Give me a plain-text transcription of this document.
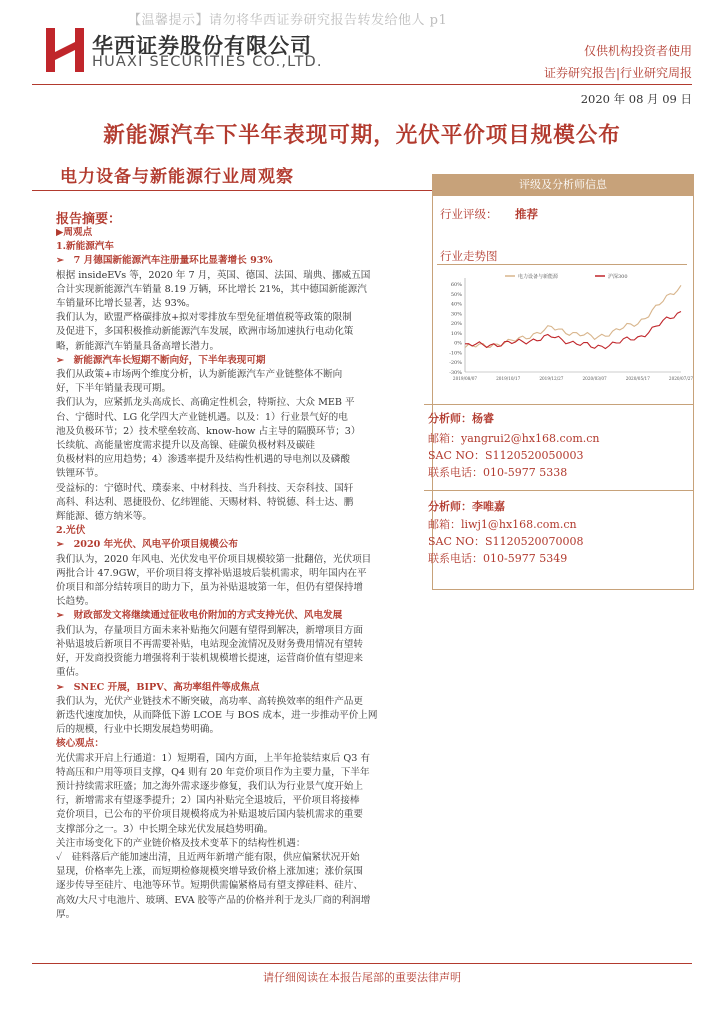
【温馨提示】请勿将华西证券研究报告转发给他人 p1
华西证券股份有限公司
HUAXI SECURITIES CO.,LTD.
仅供机构投资者使用
证券研究报告|行业研究周报
2020 年 08 月 09 日
新能源汽车下半年表现可期，光伏平价项目规模公布
电力设备与新能源行业周观察	评级及分析师信息
行业评级： 推荐
行业走势图
60%
50%
40%
30%
20%
10%
0%
-10%
-20%
-30%
2019/08/07	2019/10/17	2019/12/27	2020/03/07	2020/05/17	2020/07/27
电力设备与新能源	沪深300
分析师：杨睿
邮箱：yangrui2@hx168.com.cn
SAC NO：S1120520050003
联系电话：010-5977 5338
分析师：李唯嘉
邮箱：liwj1@hx168.com.cn
SAC NO：S1120520070008
联系电话：010-5977 5349
报告摘要：
▶周观点
1.新能源汽车
➢　7 月德国新能源汽车注册量环比显著增长 93%
根据 insideEVs 等，2020 年 7 月，英国、德国、法国、瑞典、挪威五国
合计实现新能源汽车销量 8.19 万辆，环比增长 21%，其中德国新能源汽
车销量环比增长显著，达 93%。
我们认为，欧盟严格碳排放+拟对零排放车型免征增值税等政策的限制
及促进下，多国积极推动新能源汽车发展，欧洲市场加速执行电动化策
略，新能源汽车销量具备高增长潜力。
➢　新能源汽车长短期不断向好，下半年表现可期
我们从政策+市场两个维度分析，认为新能源汽车产业链整体不断向
好，下半年销量表现可期。
我们认为，应紧抓龙头高成长、高确定性机会，特斯拉、大众 MEB 平
台、宁德时代、LG 化学四大产业链机遇。以及：1）行业景气好的电
池及负极环节；2）技术壁垒较高、know-how 占主导的隔膜环节；3）
长续航、高能量密度需求提升以及高镍、硅碳负极材料及碳硅
负极材料的应用趋势；4）渗透率提升及结构性机遇的导电剂以及磷酸
铁锂环节。
受益标的：宁德时代、璞泰来、中材科技、当升科技、天奈科技、国轩
高科、科达利、恩捷股份、亿纬锂能、天赐材料、特锐德、科士达、鹏
辉能源、德方纳米等。
2.光伏
➢　2020 年光伏、风电平价项目规模公布
我们认为，2020 年风电、光伏发电平价项目规模较第一批翻倍，光伏项目
两批合计 47.9GW，平价项目将支撑补贴退坡后装机需求，明年国内在平
价项目和部分结转项目的助力下，虽为补贴退坡第一年，但仍有望保持增
长趋势。
➢　财政部发文将继续通过征收电价附加的方式支持光伏、风电发展
我们认为，存量项目方面未来补贴拖欠问题有望得到解决，新增项目方面
补贴退坡后新项目不再需要补贴，电站现金流情况及财务费用情况有望转
好，开发商投资能力增强将利于装机规模增长提速，运营商价值有望迎来
重估。
➢　SNEC 开展，BIPV、高功率组件等成焦点
我们认为，光伏产业链技术不断突破，高功率、高转换效率的组件产品更
新迭代速度加快，从而降低下游 LCOE 与 BOS 成本，进一步推动平价上网
后的规模，行业中长期发展趋势明确。
核心观点：
光伏需求开启上行通道：1）短期看，国内方面，上半年抢装结束后 Q3 有
特高压和户用等项目支撑，Q4 则有 20 年竞价项目作为主要力量，下半年
预计持续需求旺盛；加之海外需求逐步修复，我们认为行业景气度开始上
行，新增需求有望逐季提升；2）国内补贴完全退坡后，平价项目将接棒
竞价项目，已公布的平价项目规模将成为补贴退坡后国内装机需求的重要
支撑部分之一。3）中长期全球光伏发展趋势明确。
关注市场变化下的产业链价格及技术变革下的结构性机遇：
✓　硅料落后产能加速出清，且近两年新增产能有限，供应偏紧状况开始
显现，价格率先上涨，而短期检修规模突增导致价格上涨加速；涨价氛围
逐步传导至硅片、电池等环节。短期供需偏紧格局有望支撑硅料、硅片、
高效/大尺寸电池片、玻璃、EVA 胶等产品的价格并利于龙头厂商的利润增
厚。
请仔细阅读在本报告尾部的重要法律声明
